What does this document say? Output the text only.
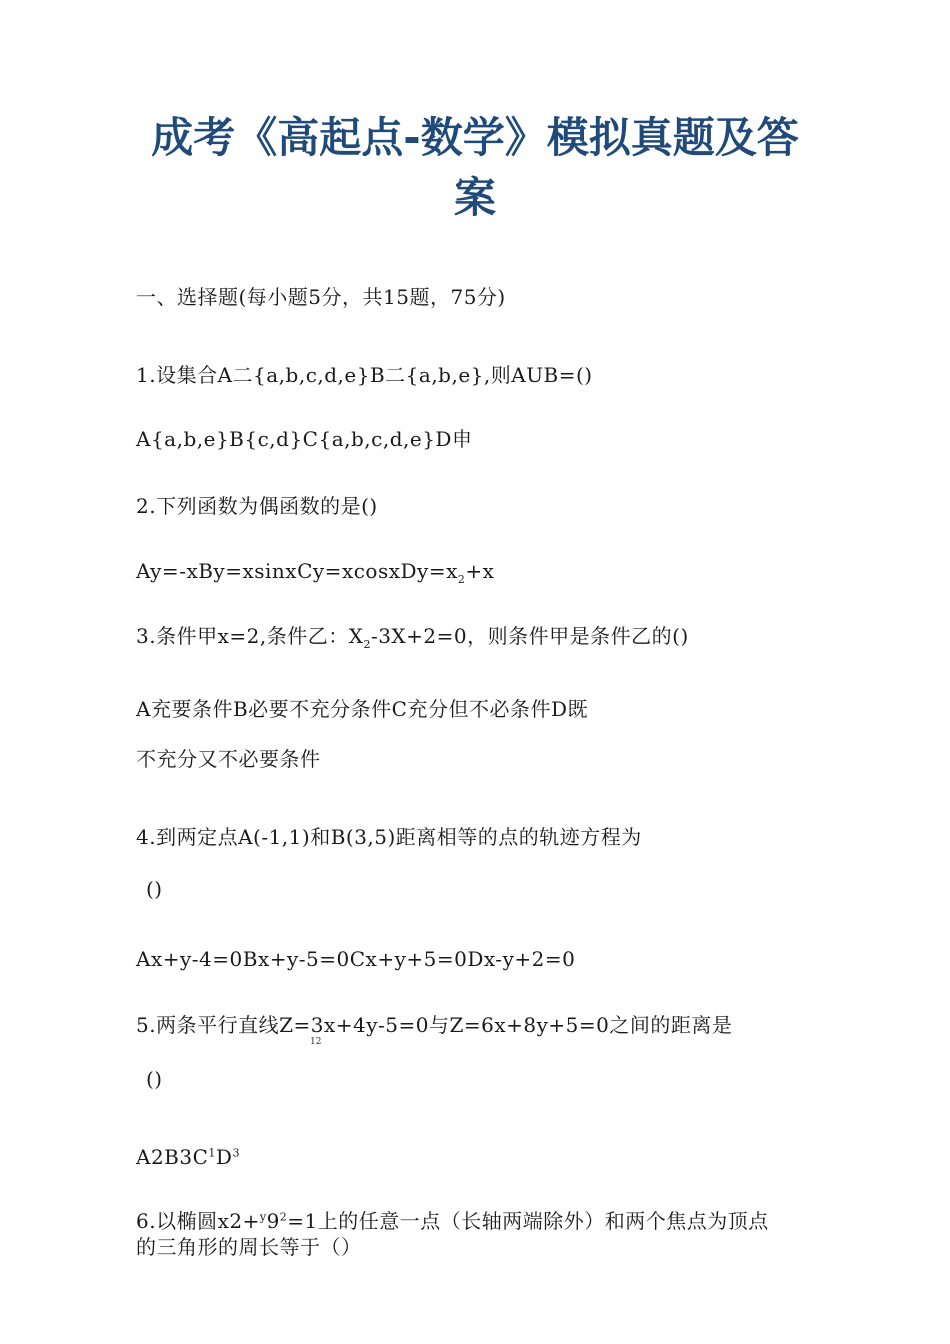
成考《高起点-数学》模拟真题及答
案
一、选择题(每小题5分，共15题，75分)
1.设集合A二{a,b,c,d,e}B二{a,b,e},则AUB=()
A{a,b,e}B{c,d}C{a,b,c,d,e}D申
2.下列函数为偶函数的是()
$Ay=-xBy=xsinxCy=xcosxDy=x_2+x$
3.条件甲x=2,条件乙：$X_2-3X+2=0$，则条件甲是条件乙的()
A充要条件B必要不充分条件C充分但不必条件D既
不充分又不必要条件
4.到两定点A(-1,1)和B(3,5)距离相等的点的轨迹方程为
()
Ax+y-4=0Bx+y-5=0Cx+y+5=0Dx-y+2=0
5.两条平行直线Z=3x+4y-5=0与Z=6x+8y+5=0之间的距离是
12
()
$A2B3C^1D^3$
6.以椭圆$x2+^y9^2=1$上的任意一点（长轴两端除外）和两个焦点为顶点
的三角形的周长等于（）
